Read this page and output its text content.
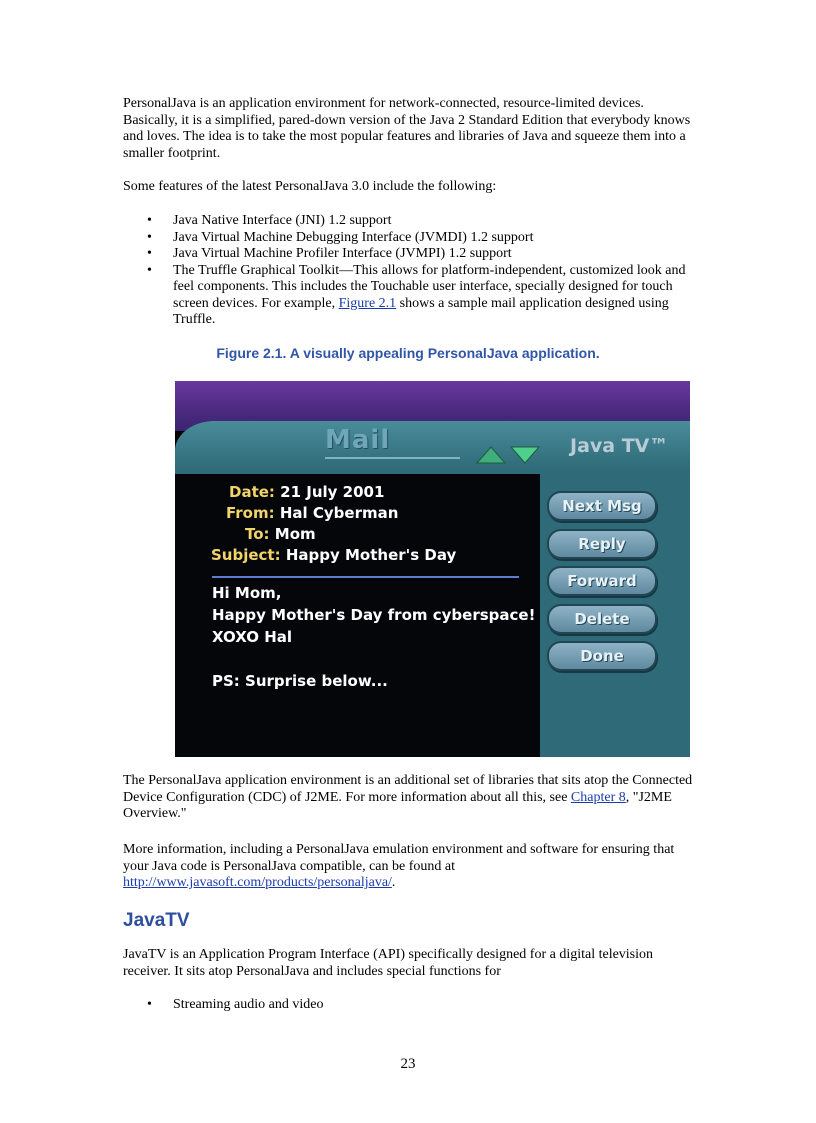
PersonalJava is an application environment for network-connected, resource-limited devices. Basically, it is a simplified, pared-down version of the Java 2 Standard Edition that everybody knows and loves. The idea is to take the most popular features and libraries of Java and squeeze them into a smaller footprint.

Some features of the latest PersonalJava 3.0 include the following:

• Java Native Interface (JNI) 1.2 support
• Java Virtual Machine Debugging Interface (JVMDI) 1.2 support
• Java Virtual Machine Profiler Interface (JVMPI) 1.2 support
• The Truffle Graphical Toolkit—This allows for platform-independent, customized look and feel components. This includes the Touchable user interface, specially designed for touch screen devices. For example, Figure 2.1 shows a sample mail application designed using Truffle.

Figure 2.1. A visually appealing PersonalJava application.

Mail	Java TV™
Date: 21 July 2001
From: Hal Cyberman
To: Mom
Subject: Happy Mother's Day
Hi Mom,
Happy Mother's Day from cyberspace!
XOXO Hal
PS: Surprise below...
Next Msg
Reply
Forward
Delete
Done

The PersonalJava application environment is an additional set of libraries that sits atop the Connected Device Configuration (CDC) of J2ME. For more information about all this, see Chapter 8, "J2ME Overview."

More information, including a PersonalJava emulation environment and software for ensuring that your Java code is PersonalJava compatible, can be found at http://www.javasoft.com/products/personaljava/.

JavaTV

JavaTV is an Application Program Interface (API) specifically designed for a digital television receiver. It sits atop PersonalJava and includes special functions for

• Streaming audio and video

23
